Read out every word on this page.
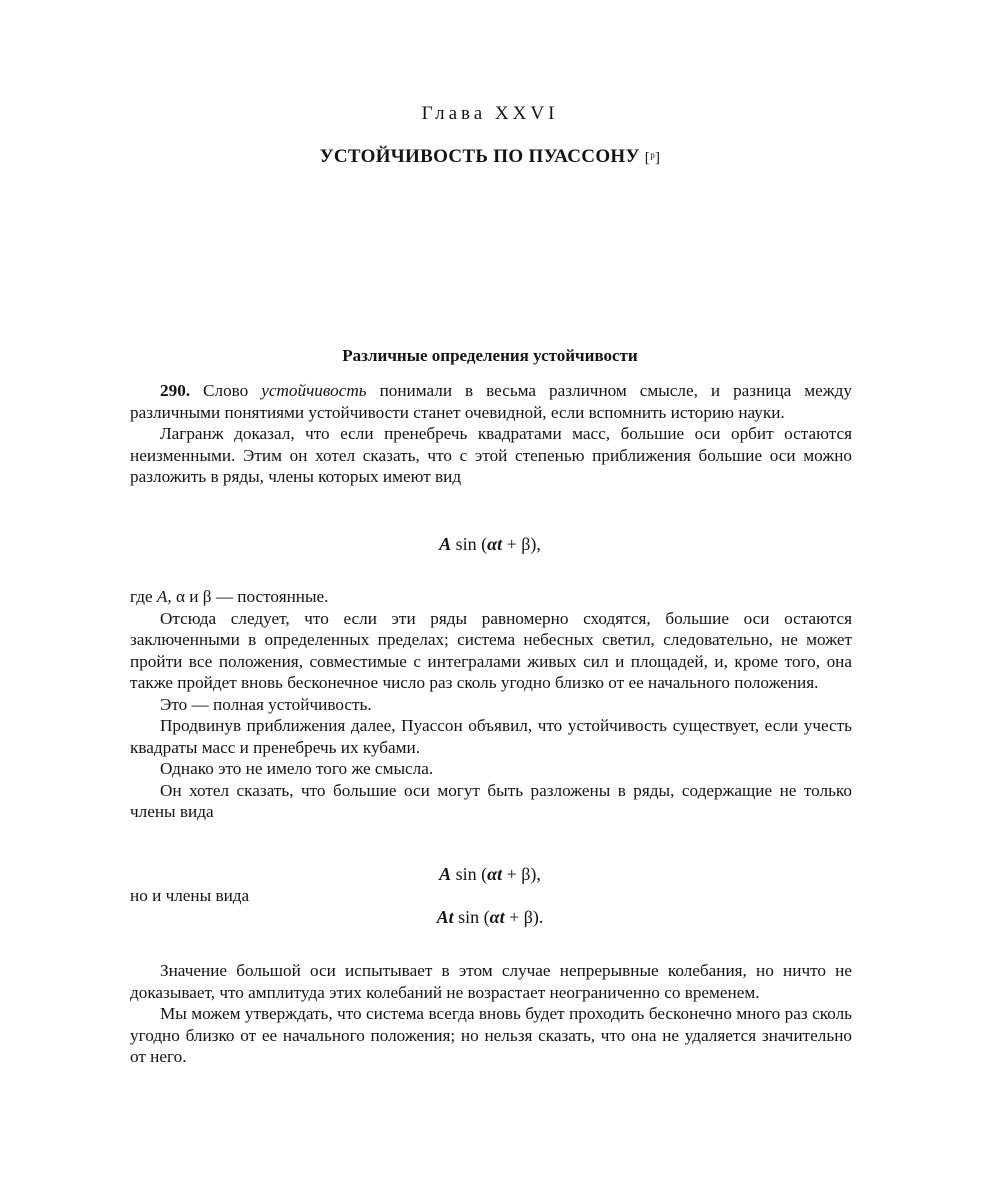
Глава XXVI
УСТОЙЧИВОСТЬ ПО ПУАССОНУ [ᵖ]
Различные определения устойчивости

290. Слово устойчивость понимали в весьма различном смысле, и разница между различными понятиями устойчивости станет очевидной, если вспомнить историю науки.

Лагранж доказал, что если пренебречь квадратами масс, большие оси орбит остаются неизменными. Этим он хотел сказать, что с этой степенью приближения большие оси можно разложить в ряды, члены которых имеют вид

A sin (αt + β),

где A, α и β — постоянные.

Отсюда следует, что если эти ряды равномерно сходятся, большие оси остаются заключенными в определенных пределах; система небесных светил, следовательно, не может пройти все положения, совместимые с интегралами живых сил и площадей, и, кроме того, она также пройдет вновь бесконечное число раз сколь угодно близко от ее начального положения.

Это — полная устойчивость.

Продвинув приближения далее, Пуассон объявил, что устойчивость существует, если учесть квадраты масс и пренебречь их кубами.

Однако это не имело того же смысла.

Он хотел сказать, что большие оси могут быть разложены в ряды, содержащие не только члены вида

A sin (αt + β),
но и члены вида
At sin (αt + β).

Значение большой оси испытывает в этом случае непрерывные колебания, но ничто не доказывает, что амплитуда этих колебаний не возрастает неограниченно со временем.

Мы можем утверждать, что система всегда вновь будет проходить бесконечно много раз сколь угодно близко от ее начального положения; но нельзя сказать, что она не удаляется значительно от него.
